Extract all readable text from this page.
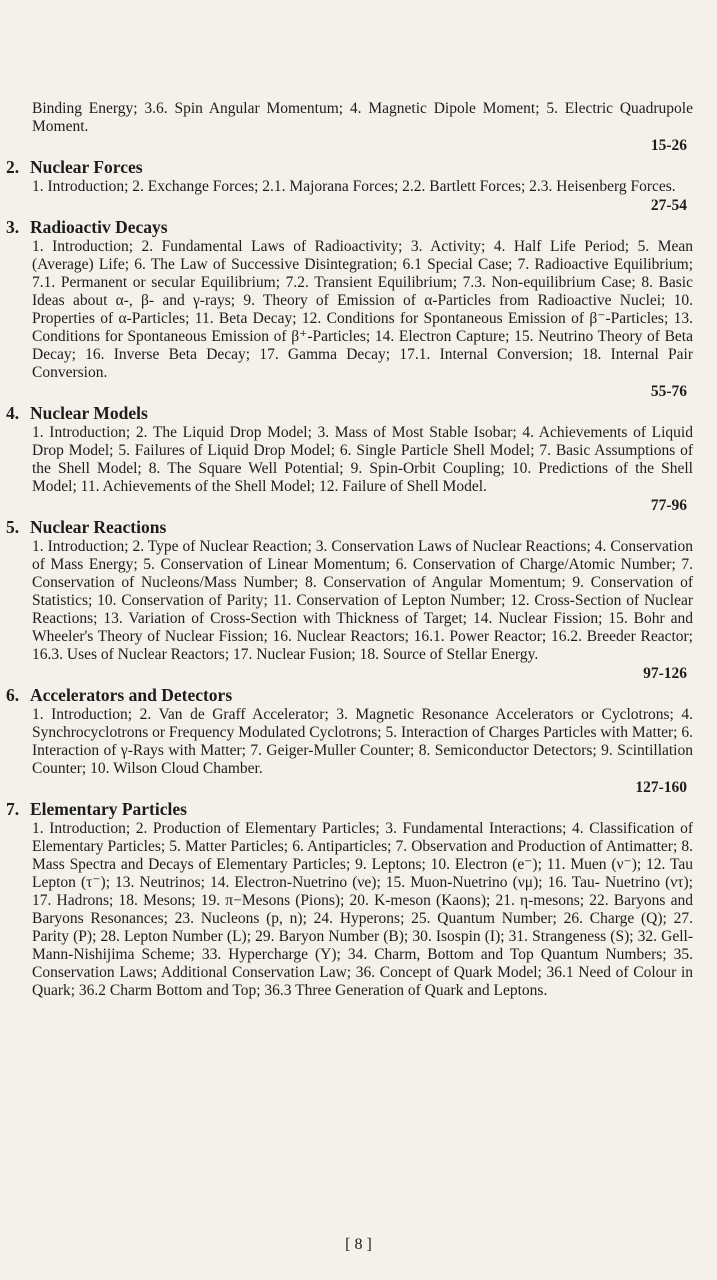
Binding Energy; 3.6. Spin Angular Momentum; 4. Magnetic Dipole Moment; 5. Electric Quadrupole Moment.
15-26
2. Nuclear Forces
1. Introduction; 2. Exchange Forces; 2.1. Majorana Forces; 2.2. Bartlett Forces; 2.3. Heisenberg Forces.
27-54
3. Radioactiv Decays
1. Introduction; 2. Fundamental Laws of Radioactivity; 3. Activity; 4. Half Life Period; 5. Mean (Average) Life; 6. The Law of Successive Disintegration; 6.1 Special Case; 7. Radioactive Equilibrium; 7.1. Permanent or secular Equilibrium; 7.2. Transient Equilibrium; 7.3. Non-equilibrium Case; 8. Basic Ideas about α-, β- and γ-rays; 9. Theory of Emission of α-Particles from Radioactive Nuclei; 10. Properties of α-Particles; 11. Beta Decay; 12. Conditions for Spontaneous Emission of β⁻-Particles; 13. Conditions for Spontaneous Emission of β⁺-Particles; 14. Electron Capture; 15. Neutrino Theory of Beta Decay; 16. Inverse Beta Decay; 17. Gamma Decay; 17.1. Internal Conversion; 18. Internal Pair Conversion.
55-76
4. Nuclear Models
1. Introduction; 2. The Liquid Drop Model; 3. Mass of Most Stable Isobar; 4. Achievements of Liquid Drop Model; 5. Failures of Liquid Drop Model; 6. Single Particle Shell Model; 7. Basic Assumptions of the Shell Model; 8. The Square Well Potential; 9. Spin-Orbit Coupling; 10. Predictions of the Shell Model; 11. Achievements of the Shell Model; 12. Failure of Shell Model.
77-96
5. Nuclear Reactions
1. Introduction; 2. Type of Nuclear Reaction; 3. Conservation Laws of Nuclear Reactions; 4. Conservation of Mass Energy; 5. Conservation of Linear Momentum; 6. Conservation of Charge/Atomic Number; 7. Conservation of Nucleons/Mass Number; 8. Conservation of Angular Momentum; 9. Conservation of Statistics; 10. Conservation of Parity; 11. Conservation of Lepton Number; 12. Cross-Section of Nuclear Reactions; 13. Variation of Cross-Section with Thickness of Target; 14. Nuclear Fission; 15. Bohr and Wheeler's Theory of Nuclear Fission; 16. Nuclear Reactors; 16.1. Power Reactor; 16.2. Breeder Reactor; 16.3. Uses of Nuclear Reactors; 17. Nuclear Fusion; 18. Source of Stellar Energy.
97-126
6. Accelerators and Detectors
1. Introduction; 2. Van de Graff Accelerator; 3. Magnetic Resonance Accelerators or Cyclotrons; 4. Synchrocyclotrons or Frequency Modulated Cyclotrons; 5. Interaction of Charges Particles with Matter; 6. Interaction of γ-Rays with Matter; 7. Geiger-Muller Counter; 8. Semiconductor Detectors; 9. Scintillation Counter; 10. Wilson Cloud Chamber.
127-160
7. Elementary Particles
1. Introduction; 2. Production of Elementary Particles; 3. Fundamental Interactions; 4. Classification of Elementary Particles; 5. Matter Particles; 6. Antiparticles; 7. Observation and Production of Antimatter; 8. Mass Spectra and Decays of Elementary Particles; 9. Leptons; 10. Electron (e⁻); 11. Muen (ν⁻); 12. Tau Lepton (τ⁻); 13. Neutrinos; 14. Electron-Nuetrino (νe); 15. Muon-Nuetrino (νμ); 16. Tau- Nuetrino (ντ); 17. Hadrons; 18. Mesons; 19. π−Mesons (Pions); 20. K-meson (Kaons); 21. η-mesons; 22. Baryons and Baryons Resonances; 23. Nucleons (p, n); 24. Hyperons; 25. Quantum Number; 26. Charge (Q); 27. Parity (P); 28. Lepton Number (L); 29. Baryon Number (B); 30. Isospin (I); 31. Strangeness (S); 32. Gell-Mann-Nishijima Scheme; 33. Hypercharge (Y); 34. Charm, Bottom and Top Quantum Numbers; 35. Conservation Laws; Additional Conservation Law; 36. Concept of Quark Model; 36.1 Need of Colour in Quark; 36.2 Charm Bottom and Top; 36.3 Three Generation of Quark and Leptons.
[ 8 ]
